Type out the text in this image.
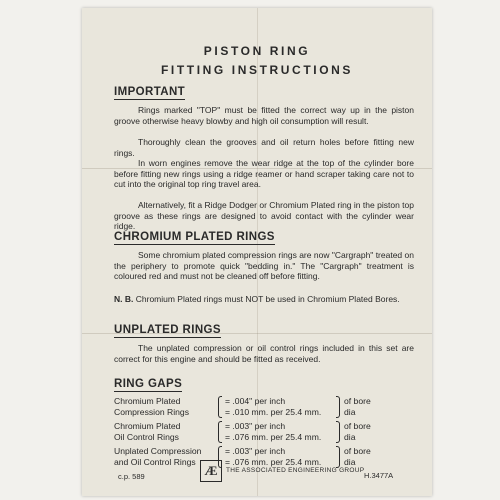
PISTON RING
FITTING INSTRUCTIONS
IMPORTANT
Rings marked "TOP" must be fitted the correct way up in the piston groove otherwise heavy blowby and high oil consumption will result.
Thoroughly clean the grooves and oil return holes before fitting new rings.
In worn engines remove the wear ridge at the top of the cylinder bore before fitting new rings using a ridge reamer or hand scraper taking care not to cut into the original top ring travel area.
Alternatively, fit a Ridge Dodger or Chromium Plated ring in the piston top groove as these rings are designed to avoid contact with the cylinder wear ridge.
CHROMIUM PLATED RINGS
Some chromium plated compression rings are now "Cargraph" treated on the periphery to promote quick "bedding in." The "Cargraph" treatment is coloured red and must not be cleaned off before fitting.
N. B. Chromium Plated rings must NOT be used in Chromium Plated Bores.
UNPLATED RINGS
The unplated compression or oil control rings included in this set are correct for this engine and should be fitted as received.
RING GAPS
Chromium Plated
Compression Rings
= .004" per inch
= .010 mm. per 25.4 mm.
of bore
dia
Chromium Plated
Oil Control Rings
= .003" per inch
= .076 mm. per 25.4 mm.
of bore
dia
Unplated Compression
and Oil Control Rings
= .003" per inch
= .076 mm. per 25.4 mm.
of bore
dia
c.p. 589	Æ	THE ASSOCIATED ENGINEERING GROUP
H.3477A
